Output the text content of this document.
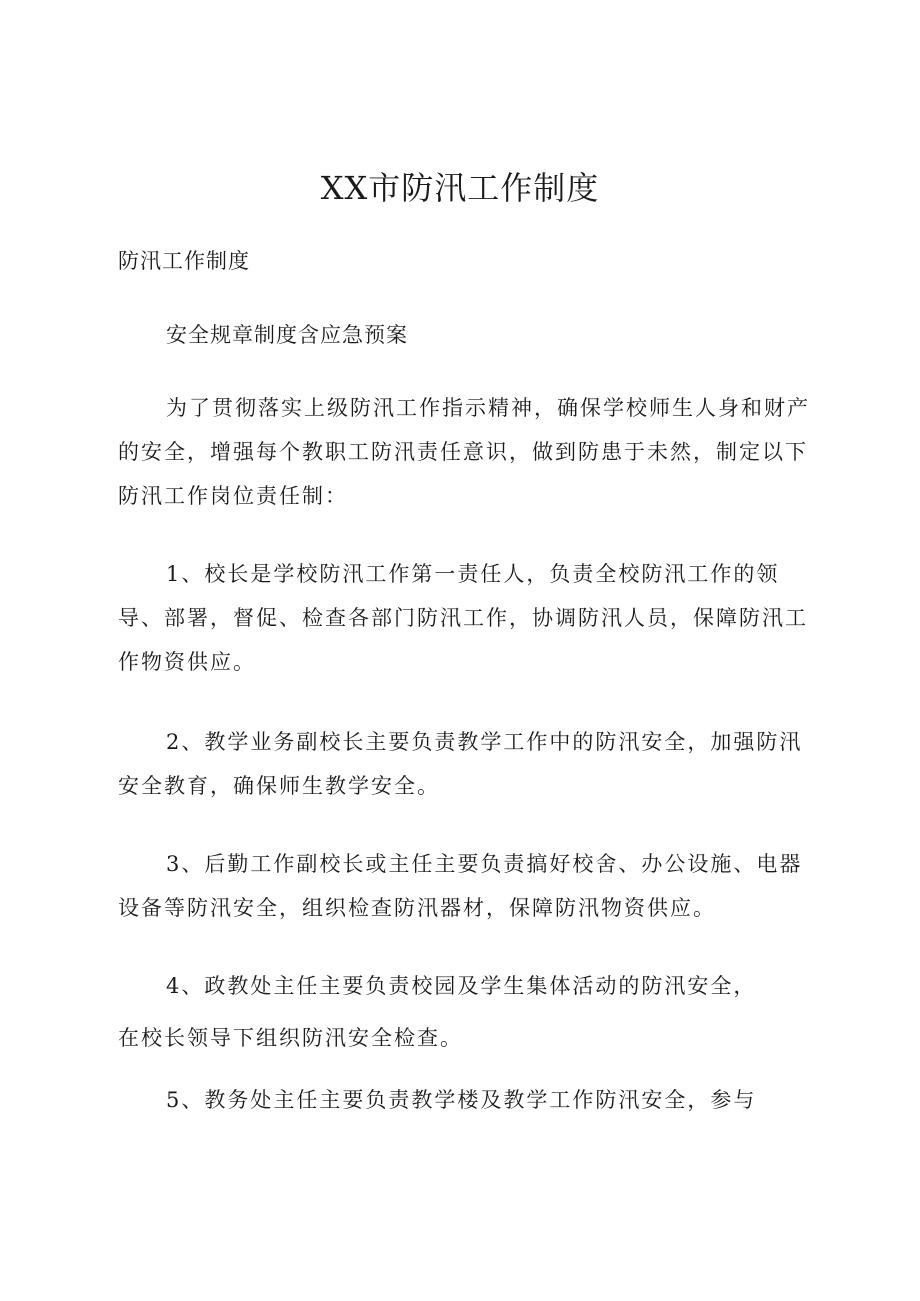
XX市防汛工作制度

防汛工作制度

安全规章制度含应急预案

为了贯彻落实上级防汛工作指示精神，确保学校师生人身和财产的安全，增强每个教职工防汛责任意识，做到防患于未然，制定以下防汛工作岗位责任制：

1、校长是学校防汛工作第一责任人，负责全校防汛工作的领导、部署，督促、检查各部门防汛工作，协调防汛人员，保障防汛工作物资供应。

2、教学业务副校长主要负责教学工作中的防汛安全，加强防汛安全教育，确保师生教学安全。

3、后勤工作副校长或主任主要负责搞好校舍、办公设施、电器设备等防汛安全，组织检查防汛器材，保障防汛物资供应。

4、政教处主任主要负责校园及学生集体活动的防汛安全，

在校长领导下组织防汛安全检查。

5、教务处主任主要负责教学楼及教学工作防汛安全，参与
